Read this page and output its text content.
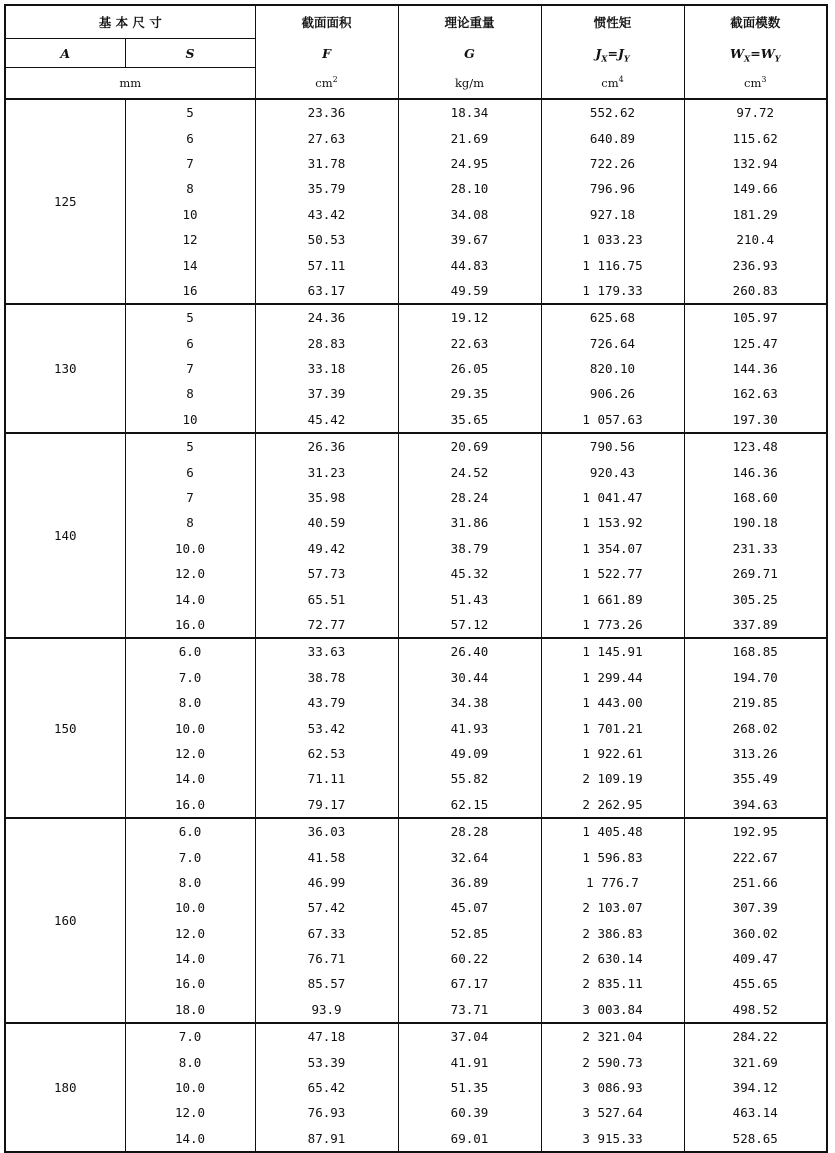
基 本 尺 寸		截面面积	理论重量	惯性矩	截面模数
A	S	F	G	$J_X=J_Y$	$W_X=W_Y$
mm		$cm^2$	kg/m	$cm^4$	$cm^3$
125	5	23.36	18.34	552.62	97.72
	6	27.63	21.69	640.89	115.62
	7	31.78	24.95	722.26	132.94
	8	35.79	28.10	796.96	149.66
	10	43.42	34.08	927.18	181.29
	12	50.53	39.67	1 033.23	210.4
	14	57.11	44.83	1 116.75	236.93
	16	63.17	49.59	1 179.33	260.83
130	5	24.36	19.12	625.68	105.97
	6	28.83	22.63	726.64	125.47
	7	33.18	26.05	820.10	144.36
	8	37.39	29.35	906.26	162.63
	10	45.42	35.65	1 057.63	197.30
140	5	26.36	20.69	790.56	123.48
	6	31.23	24.52	920.43	146.36
	7	35.98	28.24	1 041.47	168.60
	8	40.59	31.86	1 153.92	190.18
	10.0	49.42	38.79	1 354.07	231.33
	12.0	57.73	45.32	1 522.77	269.71
	14.0	65.51	51.43	1 661.89	305.25
	16.0	72.77	57.12	1 773.26	337.89
150	6.0	33.63	26.40	1 145.91	168.85
	7.0	38.78	30.44	1 299.44	194.70
	8.0	43.79	34.38	1 443.00	219.85
	10.0	53.42	41.93	1 701.21	268.02
	12.0	62.53	49.09	1 922.61	313.26
	14.0	71.11	55.82	2 109.19	355.49
	16.0	79.17	62.15	2 262.95	394.63
160	6.0	36.03	28.28	1 405.48	192.95
	7.0	41.58	32.64	1 596.83	222.67
	8.0	46.99	36.89	1 776.7	251.66
	10.0	57.42	45.07	2 103.07	307.39
	12.0	67.33	52.85	2 386.83	360.02
	14.0	76.71	60.22	2 630.14	409.47
	16.0	85.57	67.17	2 835.11	455.65
	18.0	93.9	73.71	3 003.84	498.52
180	7.0	47.18	37.04	2 321.04	284.22
	8.0	53.39	41.91	2 590.73	321.69
	10.0	65.42	51.35	3 086.93	394.12
	12.0	76.93	60.39	3 527.64	463.14
	14.0	87.91	69.01	3 915.33	528.65
